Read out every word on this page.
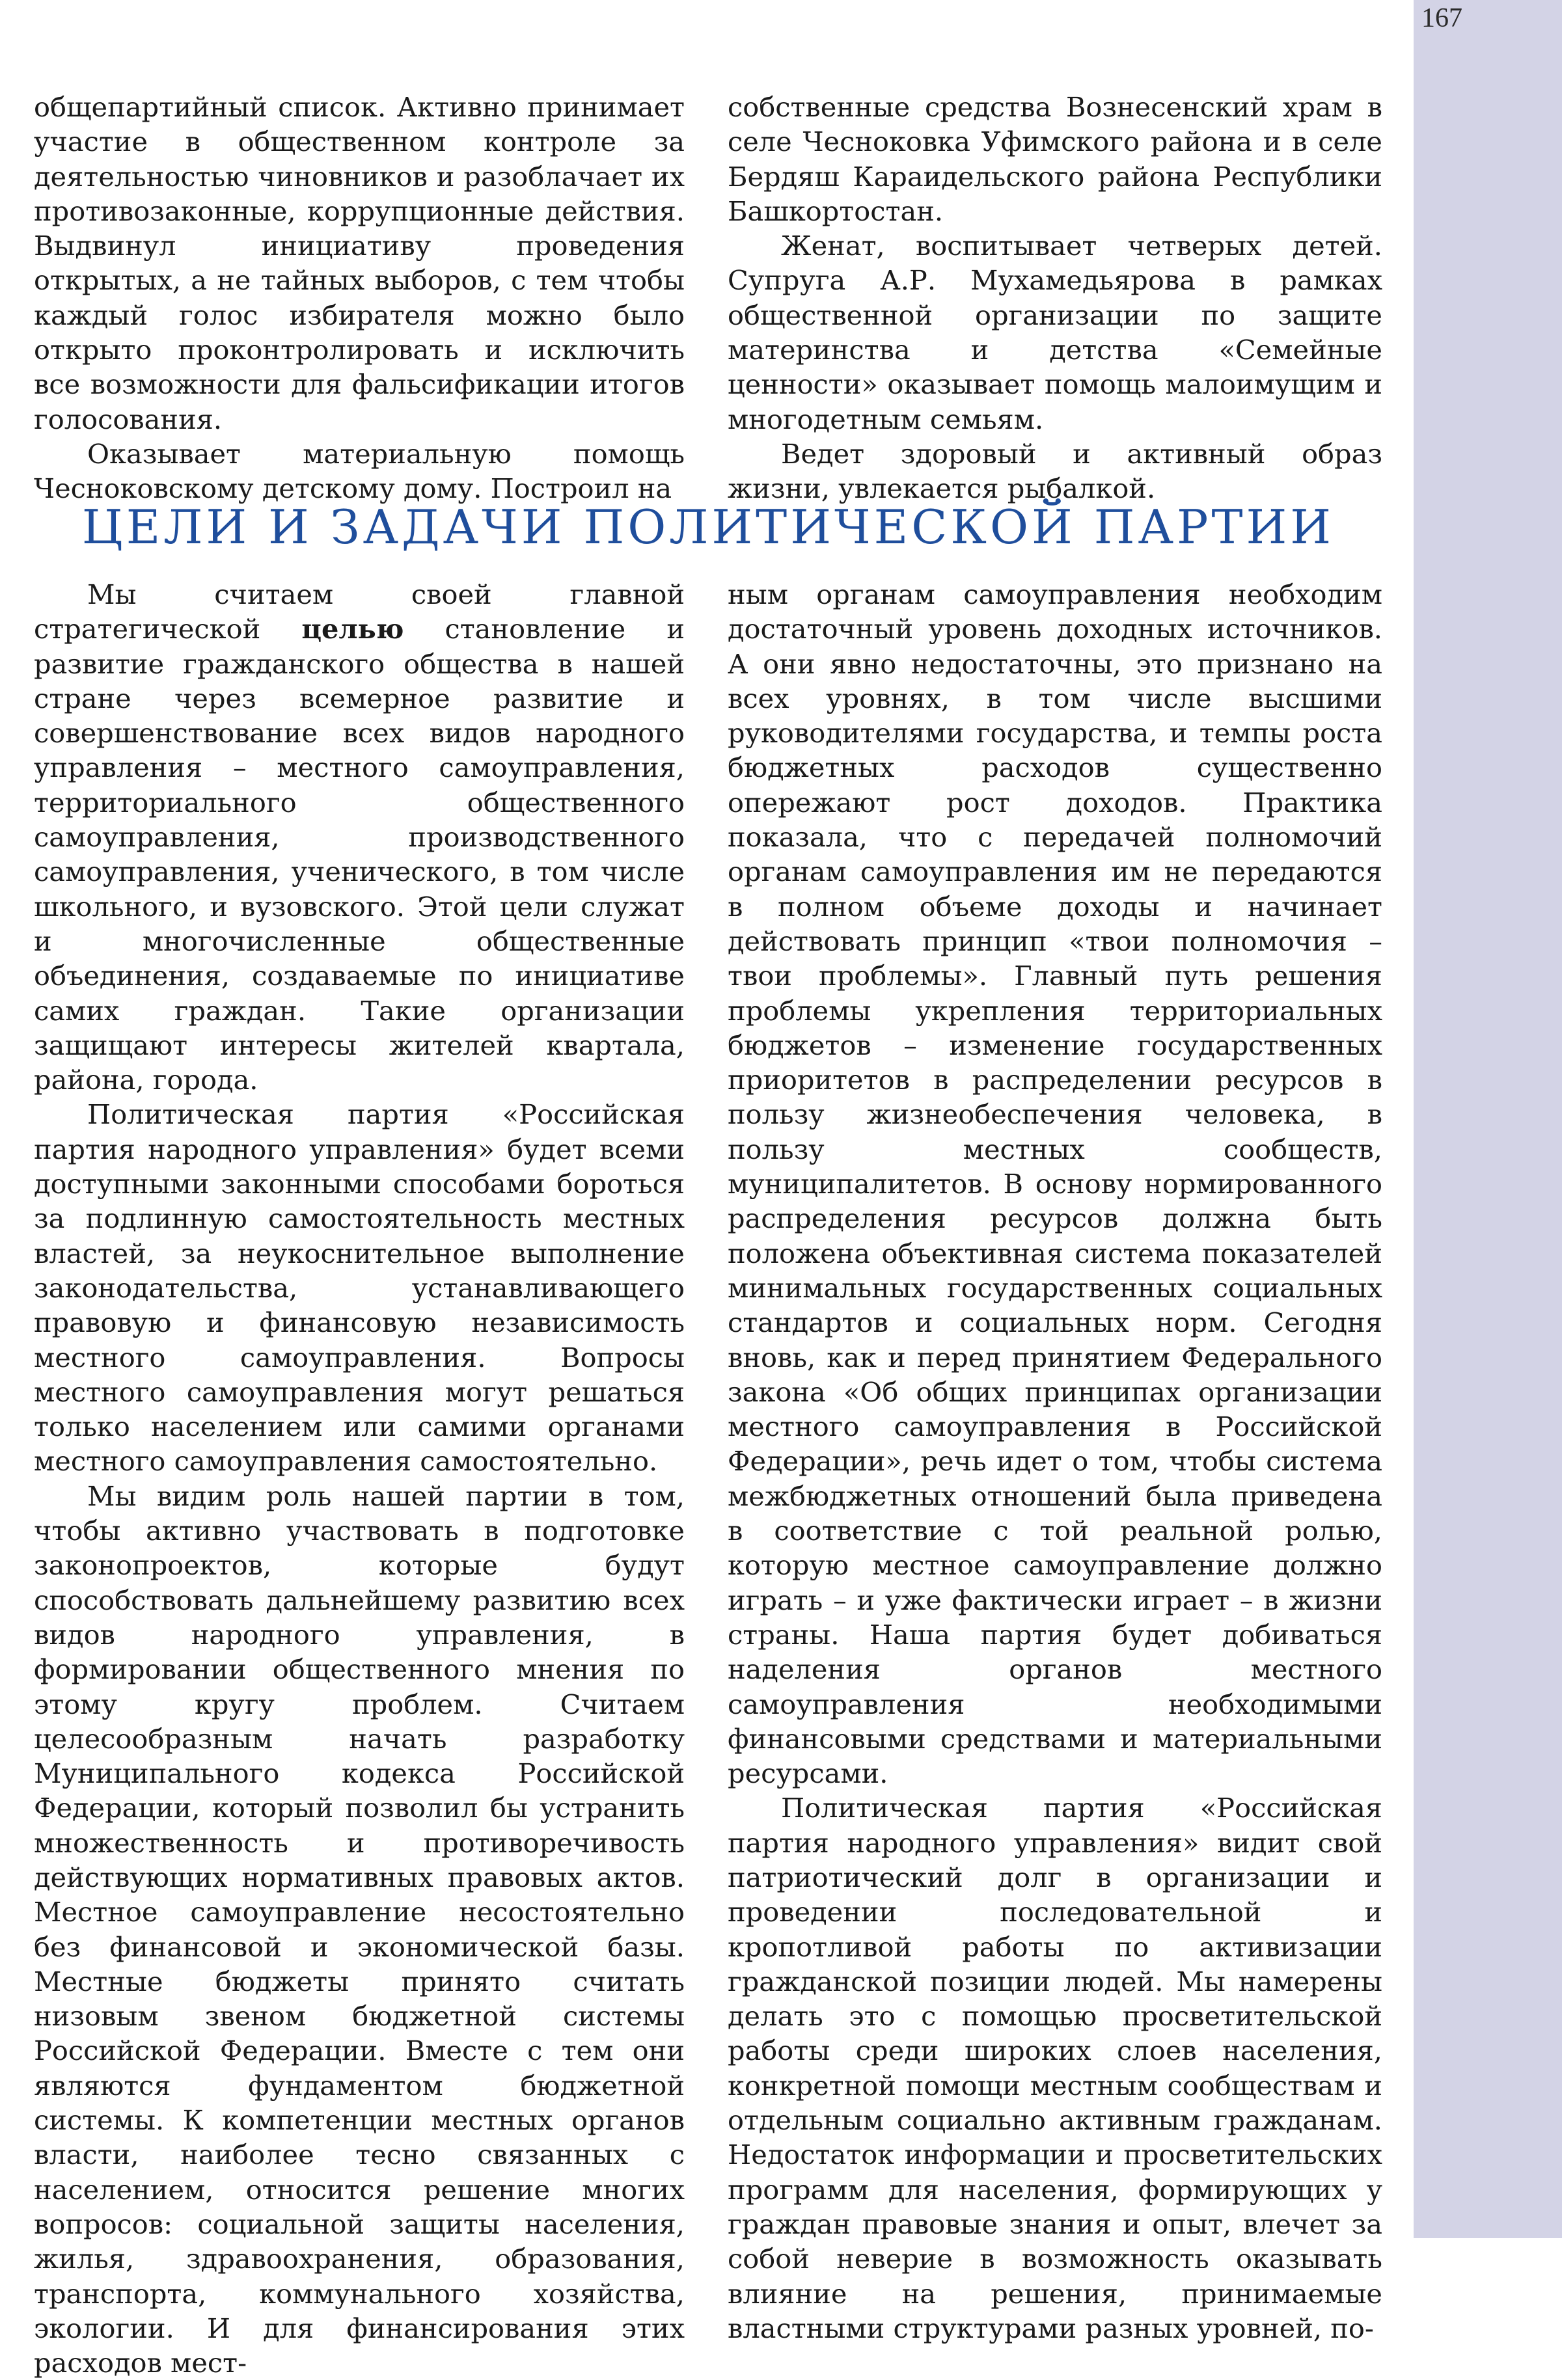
167

общепартийный список. Активно принимает участие в общественном контроле за деятельностью чиновников и разоблачает их противозаконные, коррупционные действия. Выдвинул инициативу проведения открытых, а не тайных выборов, с тем чтобы каждый голос избирателя можно было открыто проконтролировать и исключить все возможности для фальсификации итогов голосования.

Оказывает материальную помощь Чесноковскому детскому дому. Построил на

собственные средства Вознесенский храм в селе Чесноковка Уфимского района и в селе Бердяш Караидельского района Республики Башкортостан.

Женат, воспитывает четверых детей. Супруга А.Р. Мухамедьярова в рамках общественной организации по защите материнства и детства «Семейные ценности» оказывает помощь малоимущим и многодетным семьям.

Ведет здоровый и активный образ жизни, увлекается рыбалкой.

ЦЕЛИ И ЗАДАЧИ ПОЛИТИЧЕСКОЙ ПАРТИИ

Мы считаем своей главной стратегической целью становление и развитие гражданского общества в нашей стране через всемерное развитие и совершенствование всех видов народного управления – местного самоуправления, территориального общественного самоуправления, производственного самоуправления, ученического, в том числе школьного, и вузовского. Этой цели служат и многочисленные общественные объединения, создаваемые по инициативе самих граждан. Такие организации защищают интересы жителей квартала, района, города.

Политическая партия «Российская партия народного управления» будет всеми доступными законными способами бороться за подлинную самостоятельность местных властей, за неукоснительное выполнение законодательства, устанавливающего правовую и финансовую независимость местного самоуправления. Вопросы местного самоуправления могут решаться только населением или самими органами местного самоуправления самостоятельно.

Мы видим роль нашей партии в том, чтобы активно участвовать в подготовке законопроектов, которые будут способствовать дальнейшему развитию всех видов народного управления, в формировании общественного мнения по этому кругу проблем. Считаем целесообразным начать разработку Муниципального кодекса Российской Федерации, который позволил бы устранить множественность и противоречивость действующих нормативных правовых актов. Местное самоуправление несостоятельно без финансовой и экономической базы. Местные бюджеты принято считать низовым звеном бюджетной системы Российской Федерации. Вместе с тем они являются фундаментом бюджетной системы. К компетенции местных органов власти, наиболее тесно связанных с населением, относится решение многих вопросов: социальной защиты населения, жилья, здравоохранения, образования, транспорта, коммунального хозяйства, экологии. И для финансирования этих расходов мест-

ным органам самоуправления необходим достаточный уровень доходных источников. А они явно недостаточны, это признано на всех уровнях, в том числе высшими руководителями государства, и темпы роста бюджетных расходов существенно опережают рост доходов. Практика показала, что с передачей полномочий органам самоуправления им не передаются в полном объеме доходы и начинает действовать принцип «твои полномочия – твои проблемы». Главный путь решения проблемы укрепления территориальных бюджетов – изменение государственных приоритетов в распределении ресурсов в пользу жизнеобеспечения человека, в пользу местных сообществ, муниципалитетов. В основу нормированного распределения ресурсов должна быть положена объективная система показателей минимальных государственных социальных стандартов и социальных норм. Сегодня вновь, как и перед принятием Федерального закона «Об общих принципах организации местного самоуправления в Российской Федерации», речь идет о том, чтобы система межбюджетных отношений была приведена в соответствие с той реальной ролью, которую местное самоуправление должно играть – и уже фактически играет – в жизни страны. Наша партия будет добиваться наделения органов местного самоуправления необходимыми финансовыми средствами и материальными ресурсами.

Политическая партия «Российская партия народного управления» видит свой патриотический долг в организации и проведении последовательной и кропотливой работы по активизации гражданской позиции людей. Мы намерены делать это с помощью просветительской работы среди широких слоев населения, конкретной помощи местным сообществам и отдельным социально активным гражданам. Недостаток информации и просветительских программ для населения, формирующих у граждан правовые знания и опыт, влечет за собой неверие в возможность оказывать влияние на решения, принимаемые властными структурами разных уровней, по-
